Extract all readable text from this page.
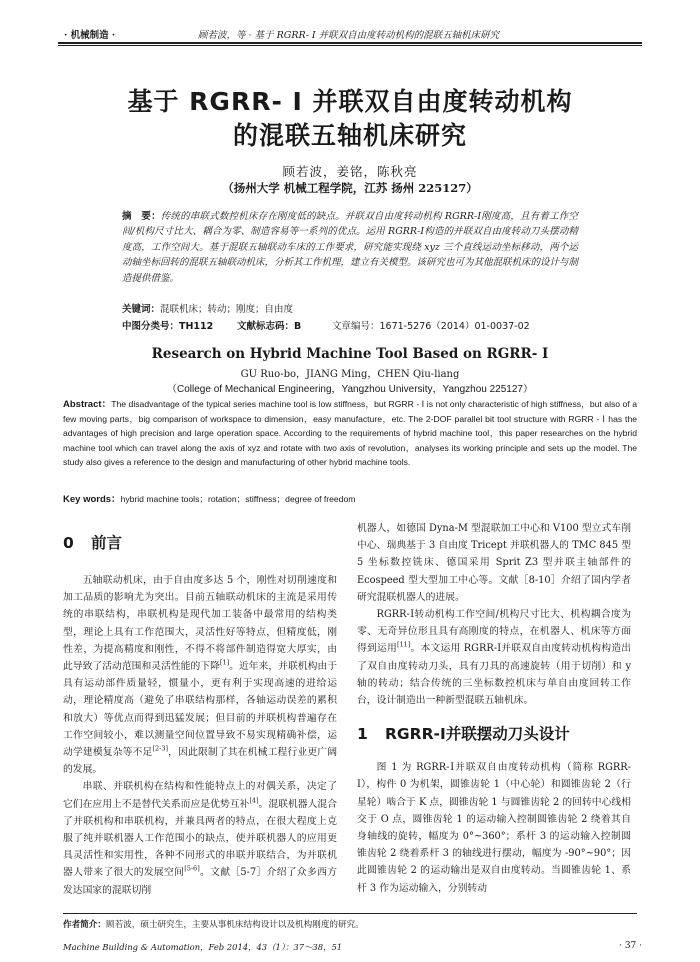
· 机械制造 ·	顾若波，等 · 基于 RGRR- Ⅰ 并联双自由度转动机构的混联五轴机床研究
基于 RGRR- Ⅰ 并联双自由度转动机构
的混联五轴机床研究
顾若波，姜铭，陈秋亮
（扬州大学 机械工程学院，江苏 扬州 225127）
摘　要：传统的串联式数控机床存在刚度低的缺点。并联双自由度转动机构 RGRR-Ⅰ刚度高，且有着工作空间/机构尺寸比大、耦合为零、制造容易等一系列的优点。运用 RGRR-Ⅰ构造的并联双自由度转动刀头摆动精度高，工作空间大。基于混联五轴联动车床的工作要求，研究能实现绕 xyz 三个直线运动坐标移动，两个运动轴坐标回转的混联五轴联动机床，分析其工作机理，建立有关模型。该研究也可为其他混联机床的设计与制造提供借鉴。
关键词：混联机床；转动；刚度；自由度
中图分类号：TH112 文献标志码：B	文章编号：1671-5276（2014）01-0037-02
Research on Hybrid Machine Tool Based on RGRR- Ⅰ
GU Ruo-bo，JIANG Ming，CHEN Qiu-liang
（College of Mechanical Engineering，Yangzhou University，Yangzhou 225127）
Abstract：The disadvantage of the typical series machine tool is low stiffness，but RGRR - Ⅰ is not only characteristic of high stiffness，but also of a few moving parts，big comparison of workspace to dimension，easy manufacture，etc. The 2-DOF parallel bit tool structure with RGRR - Ⅰ has the advantages of high precision and large operation space. According to the requirements of hybrid machine tool，this paper researches on the hybrid machine tool which can travel along the axis of xyz and rotate with two axis of revolution，analyses its working principle and sets up the model. The study also gives a reference to the design and manufacturing of other hybrid machine tools.
Key words：hybrid machine tools；rotation；stiffness；degree of freedom
0 前言

五轴联动机床，由于自由度多达 5 个，刚性对切削速度和加工品质的影响尤为突出。目前五轴联动机床的主流是采用传统的串联结构，串联机构是现代加工装备中最常用的结构类型，理论上具有工作范围大，灵活性好等特点，但精度低，刚性差，为提高精度和刚性，不得不将部件制造得宽大厚实，由此导致了活动范围和灵活性能的下降[1]。近年来，并联机构由于具有运动部件质量轻，惯量小，更有利于实现高速的进给运动，理论精度高（避免了串联结构那样，各轴运动误差的累积和放大）等优点而得到迅猛发展；但目前的并联机构普遍存在工作空间较小，难以测量空间位置导致不易实现精确补偿，运动学建模复杂等不足[2-3]，因此限制了其在机械工程行业更广阔的发展。

串联、并联机构在结构和性能特点上的对偶关系，决定了它们在应用上不是替代关系而应是优势互补[4]。混联机器人混合了并联机构和串联机构，并兼具两者的特点，在很大程度上克服了纯并联机器人工作范围小的缺点，使并联机器人的应用更具灵活性和实用性，各种不同形式的串联并联结合，为并联机器人带来了很大的发展空间[5-6]。文献［5-7］介绍了众多西方发达国家的混联切削

机器人，如德国 Dyna-M 型混联加工中心和 V100 型立式车削中心、瑞典基于 3 自由度 Tricept 并联机器人的 TMC 845 型 5 坐标数控铣床、德国采用 Sprit Z3 型并联主轴部件的 Ecospeed 型大型加工中心等。文献［8-10］介绍了国内学者研究混联机器人的进展。

RGRR-Ⅰ转动机构工作空间/机构尺寸比大、机构耦合度为零、无奇异位形且具有高刚度的特点，在机器人、机床等方面得到运用[11]。本文运用 RGRR-Ⅰ并联双自由度转动机构构造出了双自由度转动刀头，具有刀具的高速旋转（用于切削）和 y 轴的转动；结合传统的三坐标数控机床与单自由度回转工作台，设计制造出一种新型混联五轴机床。

1 RGRR-Ⅰ并联摆动刀头设计

图 1 为 RGRR-Ⅰ并联双自由度转动机构（简称 RGRR-Ⅰ），构件 0 为机架，圆锥齿轮 1（中心轮）和圆锥齿轮 2（行星轮）啮合于 K 点，圆锥齿轮 1 与圆锥齿轮 2 的回转中心线相交于 O 点，圆锥齿轮 1 的运动输入控制圆锥齿轮 2 绕着其自身轴线的旋转，幅度为 0°~360°；系杆 3 的运动输入控制圆锥齿轮 2 绕着系杆 3 的轴线进行摆动，幅度为 -90°~90°；因此圆锥齿轮 2 的运动输出是双自由度转动。当圆锥齿轮 1、系杆 3 作为运动输入，分别转动

作者简介：顾若波，硕士研究生，主要从事机床结构设计以及机构刚度的研究。
Machine Building & Automation，Feb 2014，43（1）：37～38，51	· 37 ·
